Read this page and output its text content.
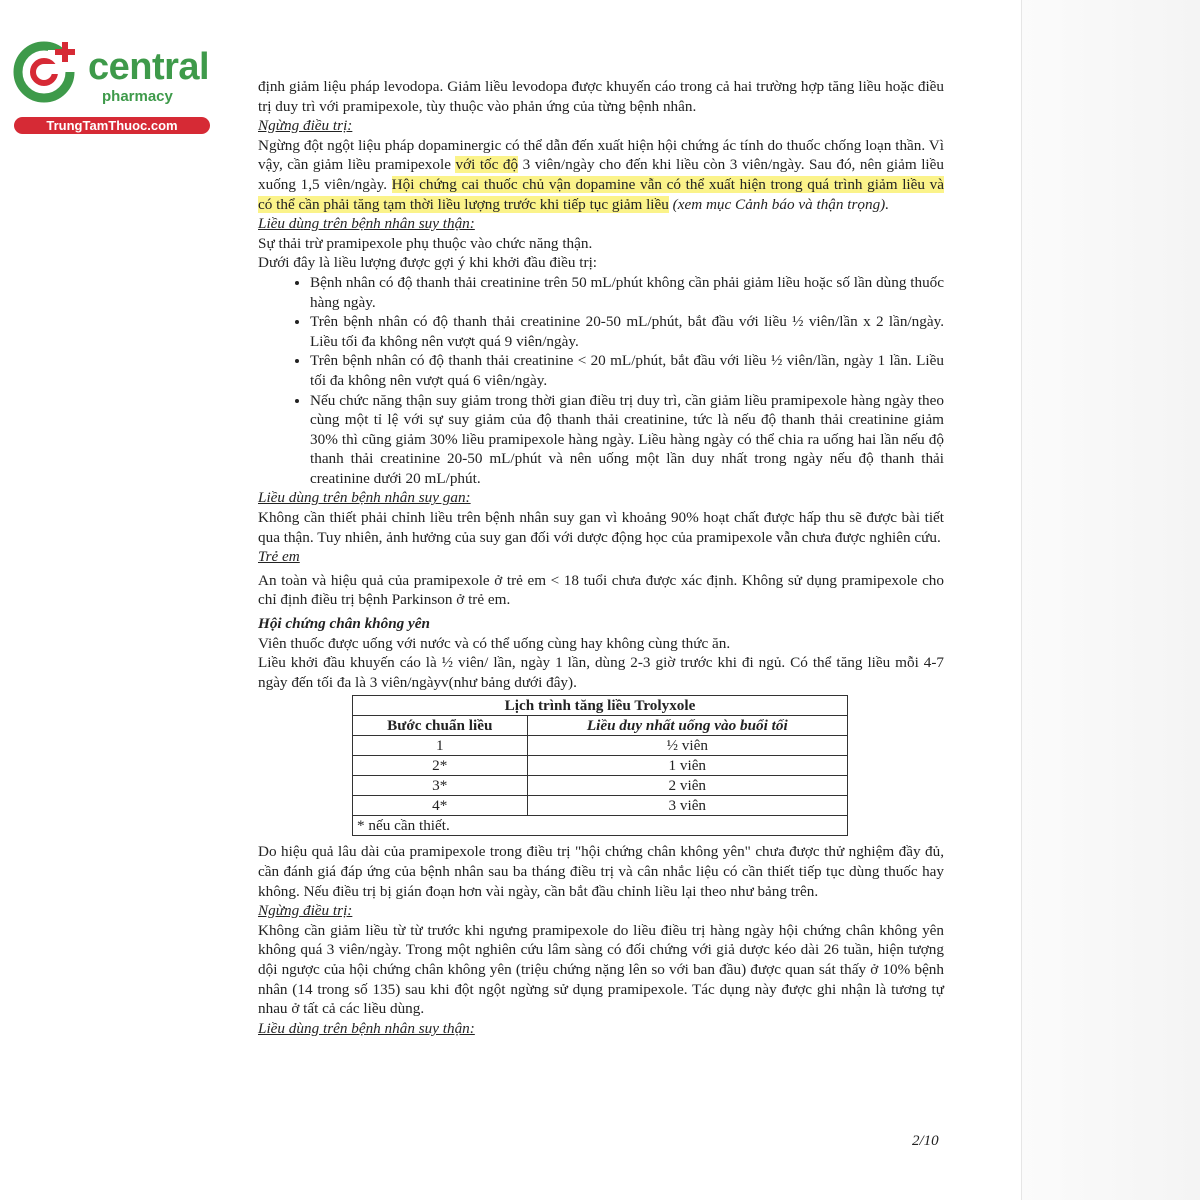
central
pharmacy
TrungTamThuoc.com

định giảm liệu pháp levodopa. Giảm liều levodopa được khuyến cáo trong cả hai trường hợp tăng liều hoặc điều trị duy trì với pramipexole, tùy thuộc vào phản ứng của từng bệnh nhân.

Ngừng điều trị:

Ngừng đột ngột liệu pháp dopaminergic có thể dẫn đến xuất hiện hội chứng ác tính do thuốc chống loạn thần. Vì vậy, cần giảm liều pramipexole với tốc độ 3 viên/ngày cho đến khi liều còn 3 viên/ngày. Sau đó, nên giảm liều xuống 1,5 viên/ngày. Hội chứng cai thuốc chủ vận dopamine vẫn có thể xuất hiện trong quá trình giảm liều và có thể cần phải tăng tạm thời liều lượng trước khi tiếp tục giảm liều (xem mục Cảnh báo và thận trọng).

Liều dùng trên bệnh nhân suy thận:

Sự thải trừ pramipexole phụ thuộc vào chức năng thận.

Dưới đây là liều lượng được gợi ý khi khởi đầu điều trị:

• Bệnh nhân có độ thanh thải creatinine trên 50 mL/phút không cần phải giảm liều hoặc số lần dùng thuốc hàng ngày.
• Trên bệnh nhân có độ thanh thải creatinine 20-50 mL/phút, bắt đầu với liều ½ viên/lần x 2 lần/ngày. Liều tối đa không nên vượt quá 9 viên/ngày.
• Trên bệnh nhân có độ thanh thải creatinine < 20 mL/phút, bắt đầu với liều ½ viên/lần, ngày 1 lần. Liều tối đa không nên vượt quá 6 viên/ngày.
• Nếu chức năng thận suy giảm trong thời gian điều trị duy trì, cần giảm liều pramipexole hàng ngày theo cùng một tỉ lệ với sự suy giảm của độ thanh thải creatinine, tức là nếu độ thanh thải creatinine giảm 30% thì cũng giảm 30% liều pramipexole hàng ngày. Liều hàng ngày có thể chia ra uống hai lần nếu độ thanh thải creatinine 20-50 mL/phút và nên uống một lần duy nhất trong ngày nếu độ thanh thải creatinine dưới 20 mL/phút.

Liều dùng trên bệnh nhân suy gan:

Không cần thiết phải chỉnh liều trên bệnh nhân suy gan vì khoảng 90% hoạt chất được hấp thu sẽ được bài tiết qua thận. Tuy nhiên, ảnh hưởng của suy gan đối với dược động học của pramipexole vẫn chưa được nghiên cứu.

Trẻ em

An toàn và hiệu quả của pramipexole ở trẻ em < 18 tuổi chưa được xác định. Không sử dụng pramipexole cho chỉ định điều trị bệnh Parkinson ở trẻ em.

Hội chứng chân không yên

Viên thuốc được uống với nước và có thể uống cùng hay không cùng thức ăn.

Liều khởi đầu khuyến cáo là ½ viên/ lần, ngày 1 lần, dùng 2-3 giờ trước khi đi ngủ. Có thể tăng liều mỗi 4-7 ngày đến tối đa là 3 viên/ngàyv(như bảng dưới đây).

Lịch trình tăng liều Trolyxole	
Bước chuẩn liều	Liều duy nhất uống vào buổi tối
1	½ viên
2*	1 viên
3*	2 viên
4*	3 viên
* nếu cần thiết.	

Do hiệu quả lâu dài của pramipexole trong điều trị "hội chứng chân không yên" chưa được thử nghiệm đầy đủ, cần đánh giá đáp ứng của bệnh nhân sau ba tháng điều trị và cân nhắc liệu có cần thiết tiếp tục dùng thuốc hay không. Nếu điều trị bị gián đoạn hơn vài ngày, cần bắt đầu chỉnh liều lại theo như bảng trên.

Ngừng điều trị:

Không cần giảm liều từ từ trước khi ngưng pramipexole do liều điều trị hàng ngày hội chứng chân không yên không quá 3 viên/ngày. Trong một nghiên cứu lâm sàng có đối chứng với giả dược kéo dài 26 tuần, hiện tượng dội ngược của hội chứng chân không yên (triệu chứng nặng lên so với ban đầu) được quan sát thấy ở 10% bệnh nhân (14 trong số 135) sau khi đột ngột ngừng sử dụng pramipexole. Tác dụng này được ghi nhận là tương tự nhau ở tất cả các liều dùng.

Liều dùng trên bệnh nhân suy thận:

2/10
